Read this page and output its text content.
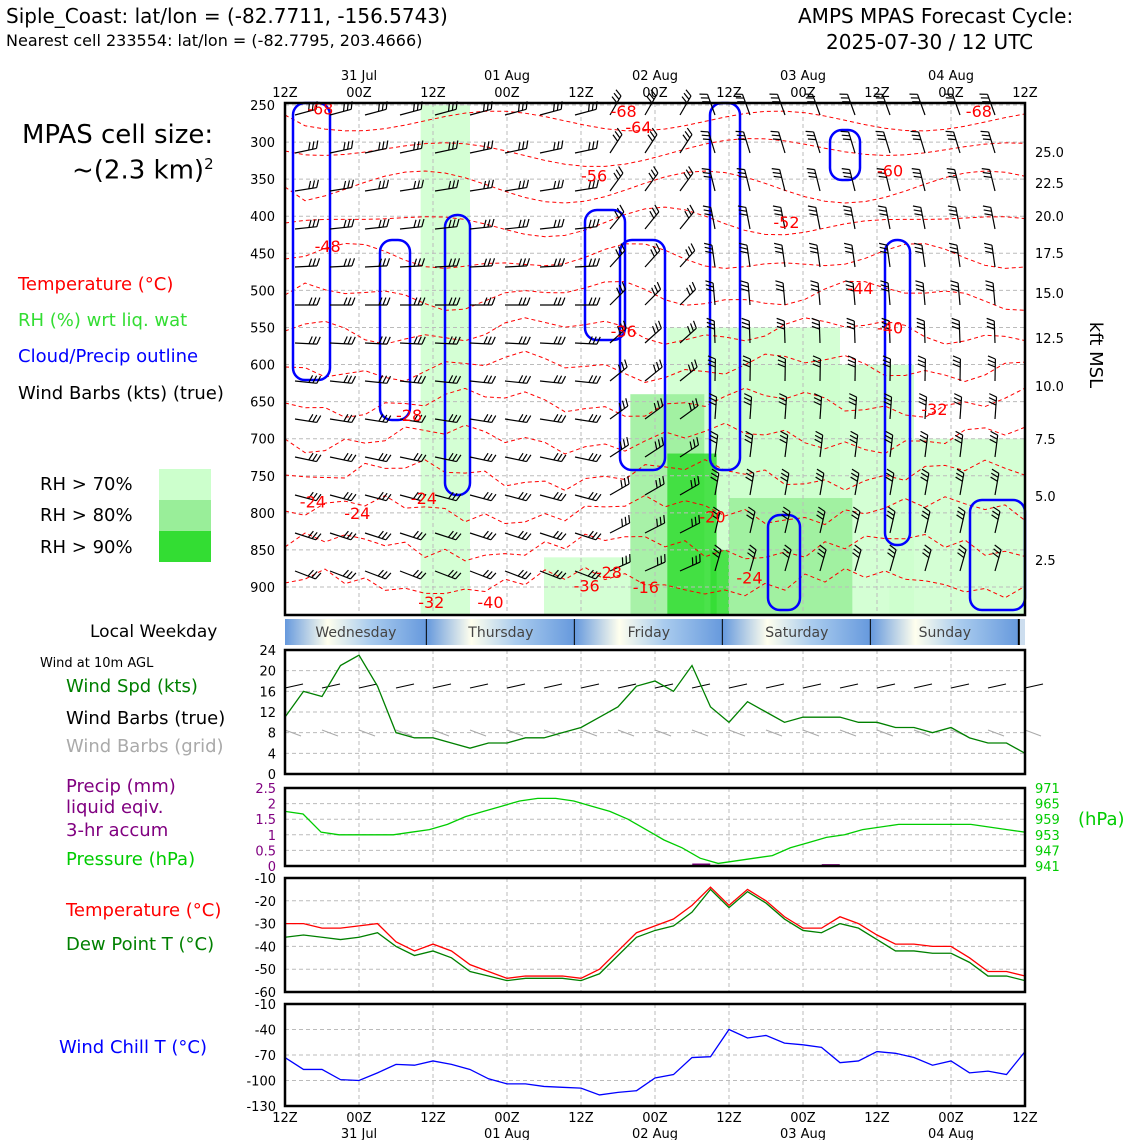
Siple_Coast: lat/lon = (-82.7711, -156.5743)
Nearest cell 233554: lat/lon = (-82.7795, 203.4666)
AMPS MPAS Forecast Cycle:
2025-07-30 / 12 UTC
MPAS cell size:
~(2.3 km)$^2$
Temperature (°C)
RH (%) wrt liq. wat
Cloud/Precip outline
Wind Barbs (kts) (true)
RH > 70%
RH > 80%
RH > 90%
Local Weekday
Wind at 10m AGL
Wind Spd (kts)
Wind Barbs (true)
Wind Barbs (grid)
Precip (mm)
liquid eqiv.
3-hr accum
Pressure (hPa)
(hPa)
Temperature (°C)
Dew Point T (°C)
Wind Chill T (°C)
250
300
350
400
450
500
550
600
650
700
750
800
850
900
25.0
22.5
20.0
17.5
15.0
12.5
10.0
7.5
5.0
2.5
kft MSL
-68	-68
-64
-68
-56	-60
-52
-48
-44
-36	-40
-28	-32
-24
-24
-24
-20
-36
-28
-16
-24
-32 -40
Wednesday	Thursday	Friday	Saturday	Sunday
0
4
8
12
16
20
24
0
0.5
1
1.5
2
2.5
941
947
953
959
965
971
-60
-50
-40
-30
-20
-10
-130
-100
-70
-40
-10
12Z
12Z
00Z
00Z
12Z
12Z
00Z
00Z
12Z
12Z
00Z
00Z
12Z
12Z
00Z
00Z
12Z
12Z
00Z
00Z
12Z
12Z
31 Jul
31 Jul
01 Aug
01 Aug
02 Aug
02 Aug
03 Aug
03 Aug
04 Aug
04 Aug
